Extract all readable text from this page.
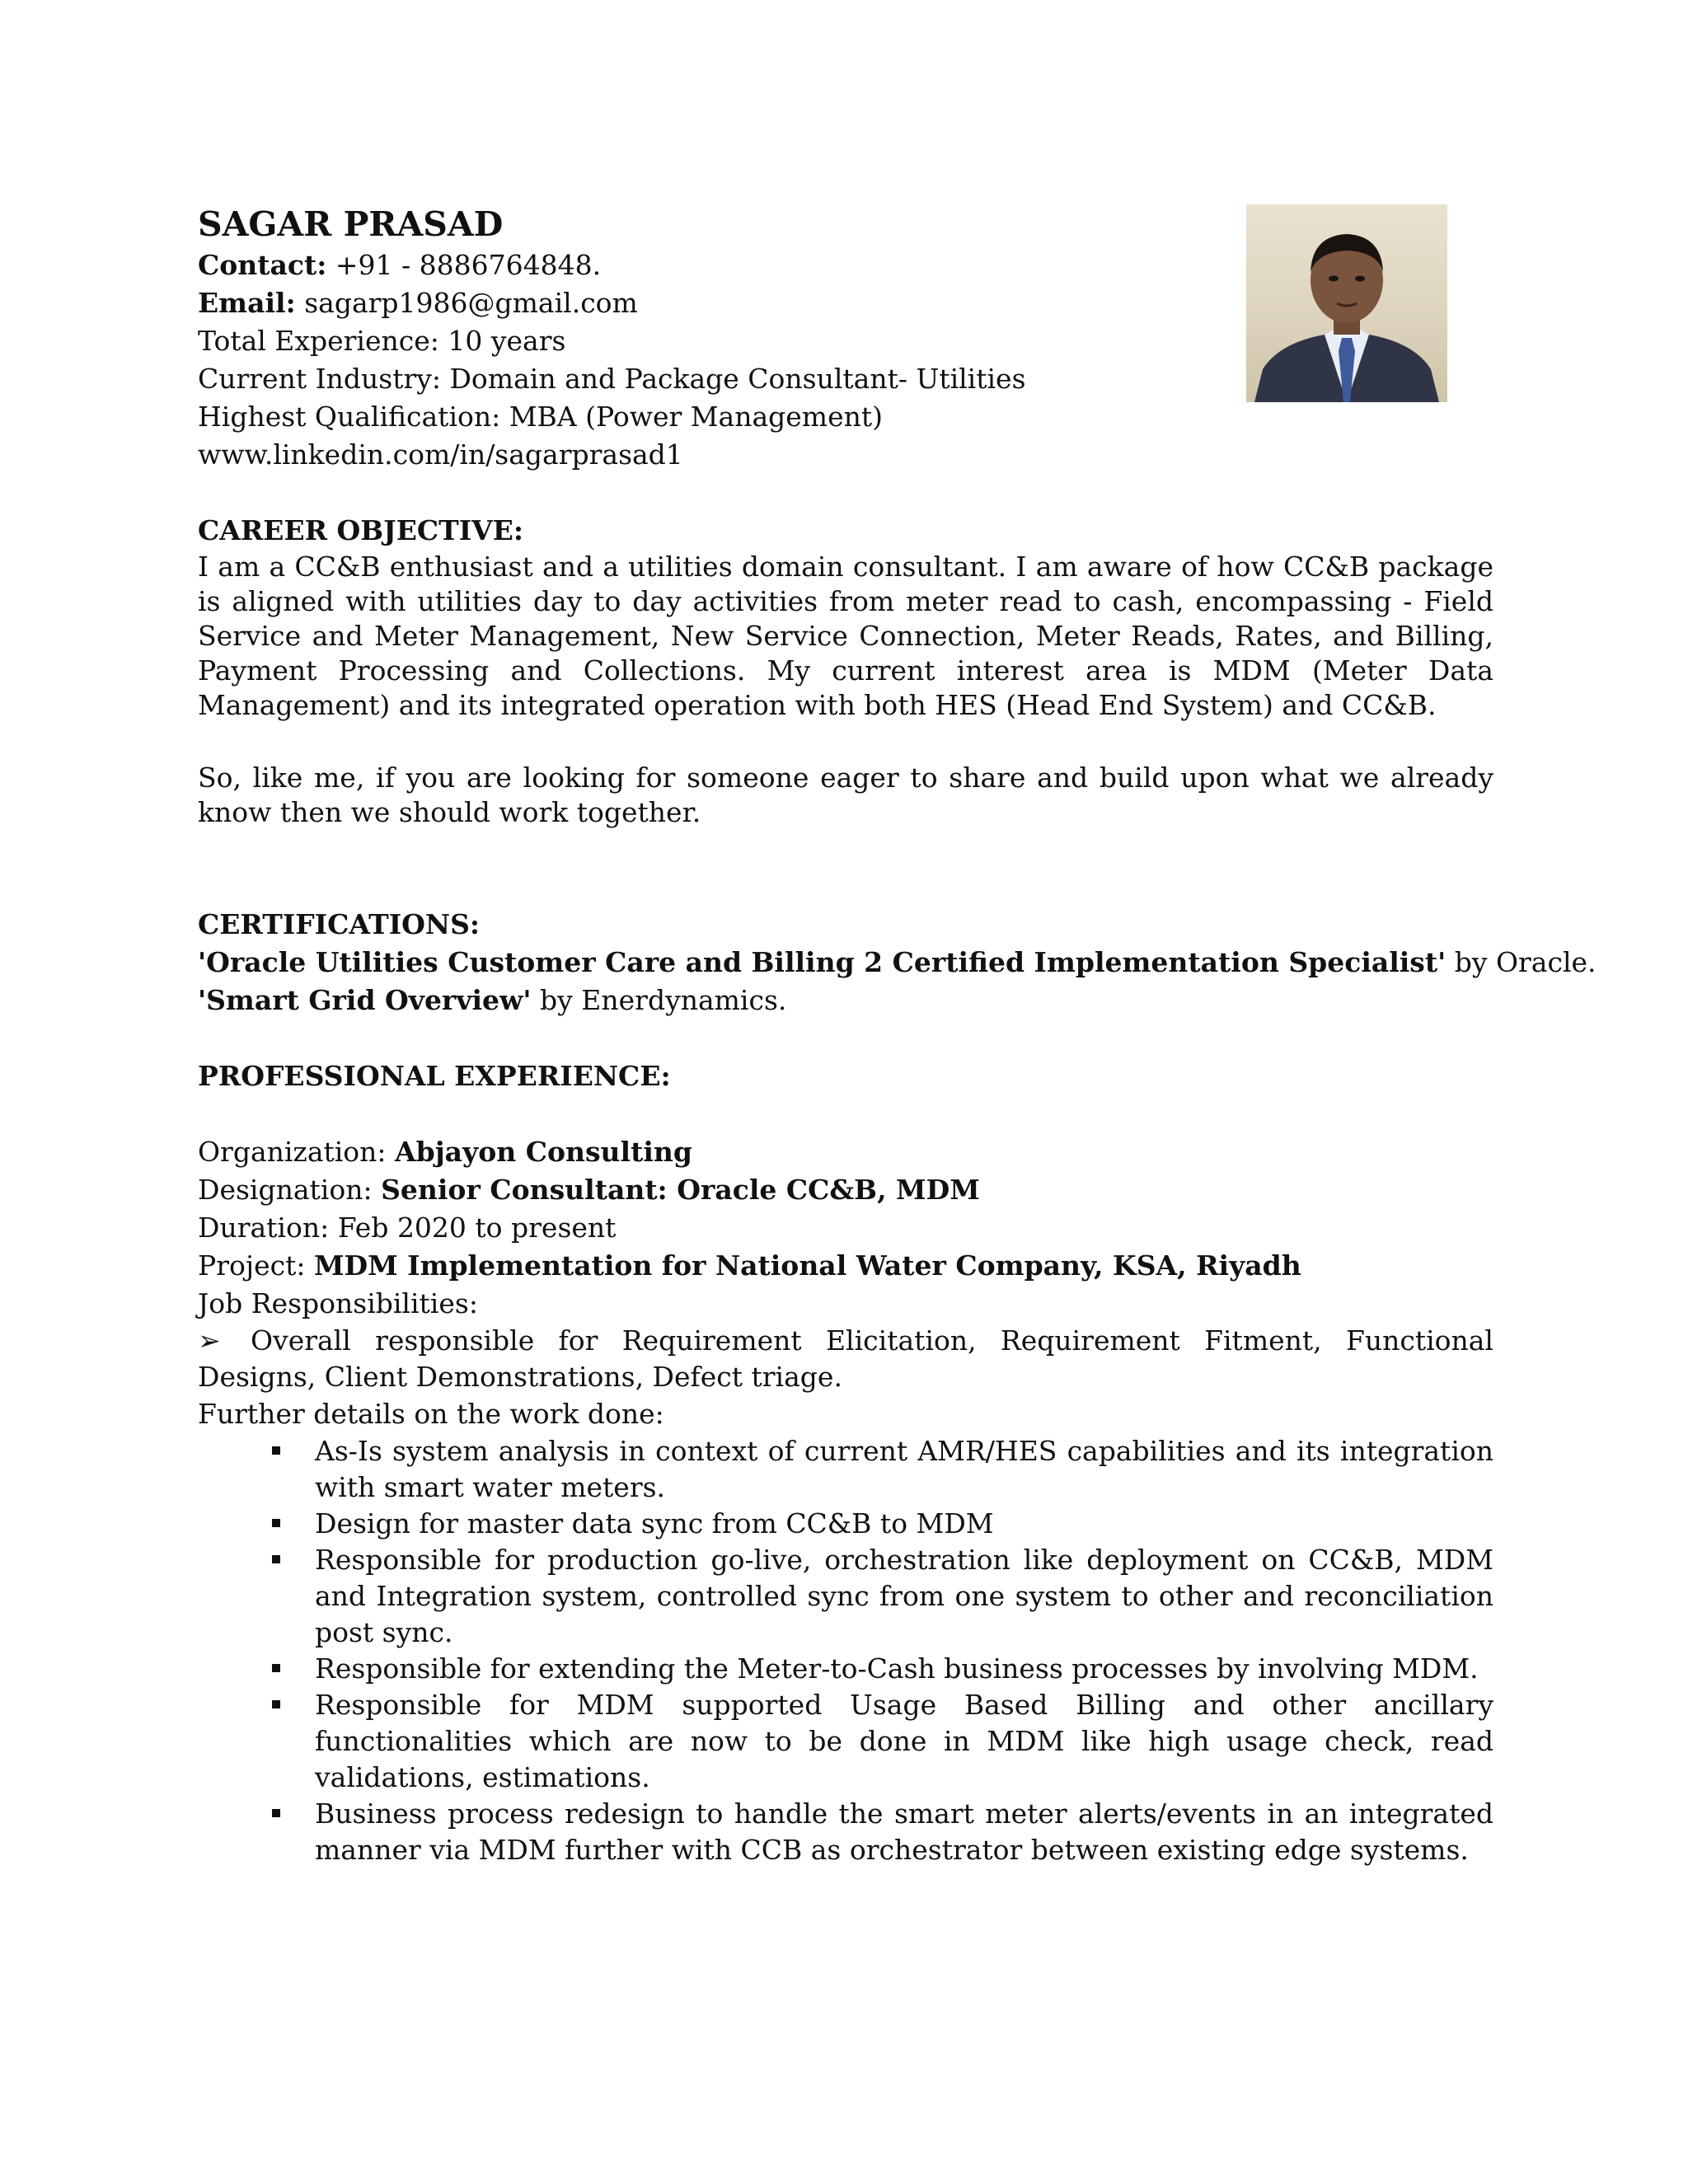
SAGAR PRASAD
Contact: +91 - 8886764848.
Email: sagarp1986@gmail.com
Total Experience: 10 years
Current Industry: Domain and Package Consultant- Utilities
Highest Qualification: MBA (Power Management)
www.linkedin.com/in/sagarprasad1
CAREER OBJECTIVE:

I am a CC&B enthusiast and a utilities domain consultant. I am aware of how CC&B package is aligned with utilities day to day activities from meter read to cash, encompassing - Field Service and Meter Management, New Service Connection, Meter Reads, Rates, and Billing, Payment Processing and Collections. My current interest area is MDM (Meter Data Management) and its integrated operation with both HES (Head End System) and CC&B.

So, like me, if you are looking for someone eager to share and build upon what we already know then we should work together.

CERTIFICATIONS:
'Oracle Utilities Customer Care and Billing 2 Certified Implementation Specialist' by Oracle.
'Smart Grid Overview' by Enerdynamics.
PROFESSIONAL EXPERIENCE:
Organization: Abjayon Consulting
Designation: Senior Consultant: Oracle CC&B, MDM
Duration: Feb 2020 to present
Project: MDM Implementation for National Water Company, KSA, Riyadh
Job Responsibilities:

➢ Overall responsible for Requirement Elicitation, Requirement Fitment, Functional Designs, Client Demonstrations, Defect triage.

Further details on the work done:
As-Is system analysis in context of current AMR/HES capabilities and its integration with smart water meters.
Design for master data sync from CC&B to MDM
Responsible for production go-live, orchestration like deployment on CC&B, MDM and Integration system, controlled sync from one system to other and reconciliation post sync.
Responsible for extending the Meter-to-Cash business processes by involving MDM.
Responsible for MDM supported Usage Based Billing and other ancillary functionalities which are now to be done in MDM like high usage check, read validations, estimations.
Business process redesign to handle the smart meter alerts/events in an integrated manner via MDM further with CCB as orchestrator between existing edge systems.
